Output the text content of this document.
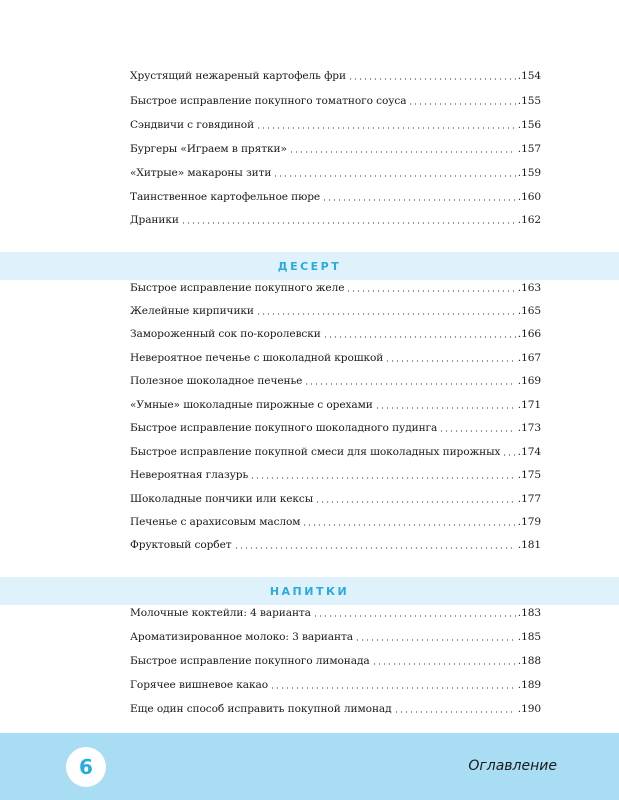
Хрустящий нежареный картофель фри	.154
Быстрое исправление покупного томатного соуса	.155
Сэндвичи с говядиной	.156
Бургеры «Играем в прятки»	.157
«Хитрые» макароны зити	.159
Таинственное картофельное пюре	.160
Драники	.162
ДЕСЕРТ
Быстрое исправление покупного желе	.163
Желейные кирпичики	.165
Замороженный сок по-королевски	.166
Невероятное печенье с шоколадной крошкой	.167
Полезное шоколадное печенье	.169
«Умные» шоколадные пирожные с орехами	.171
Быстрое исправление покупного шоколадного пудинга	.173
Быстрое исправление покупной смеси для шоколадных пирожных .174
Невероятная глазурь	.175
Шоколадные пончики или кексы	.177
Печенье с арахисовым маслом	.179
Фруктовый сорбет	.181
НАПИТКИ
Молочные коктейли: 4 варианта	.183
Ароматизированное молоко: 3 варианта	.185
Быстрое исправление покупного лимонада	.188
Горячее вишневое какао	.189
Еще один способ исправить покупной лимонад	.190
6	Оглавление
